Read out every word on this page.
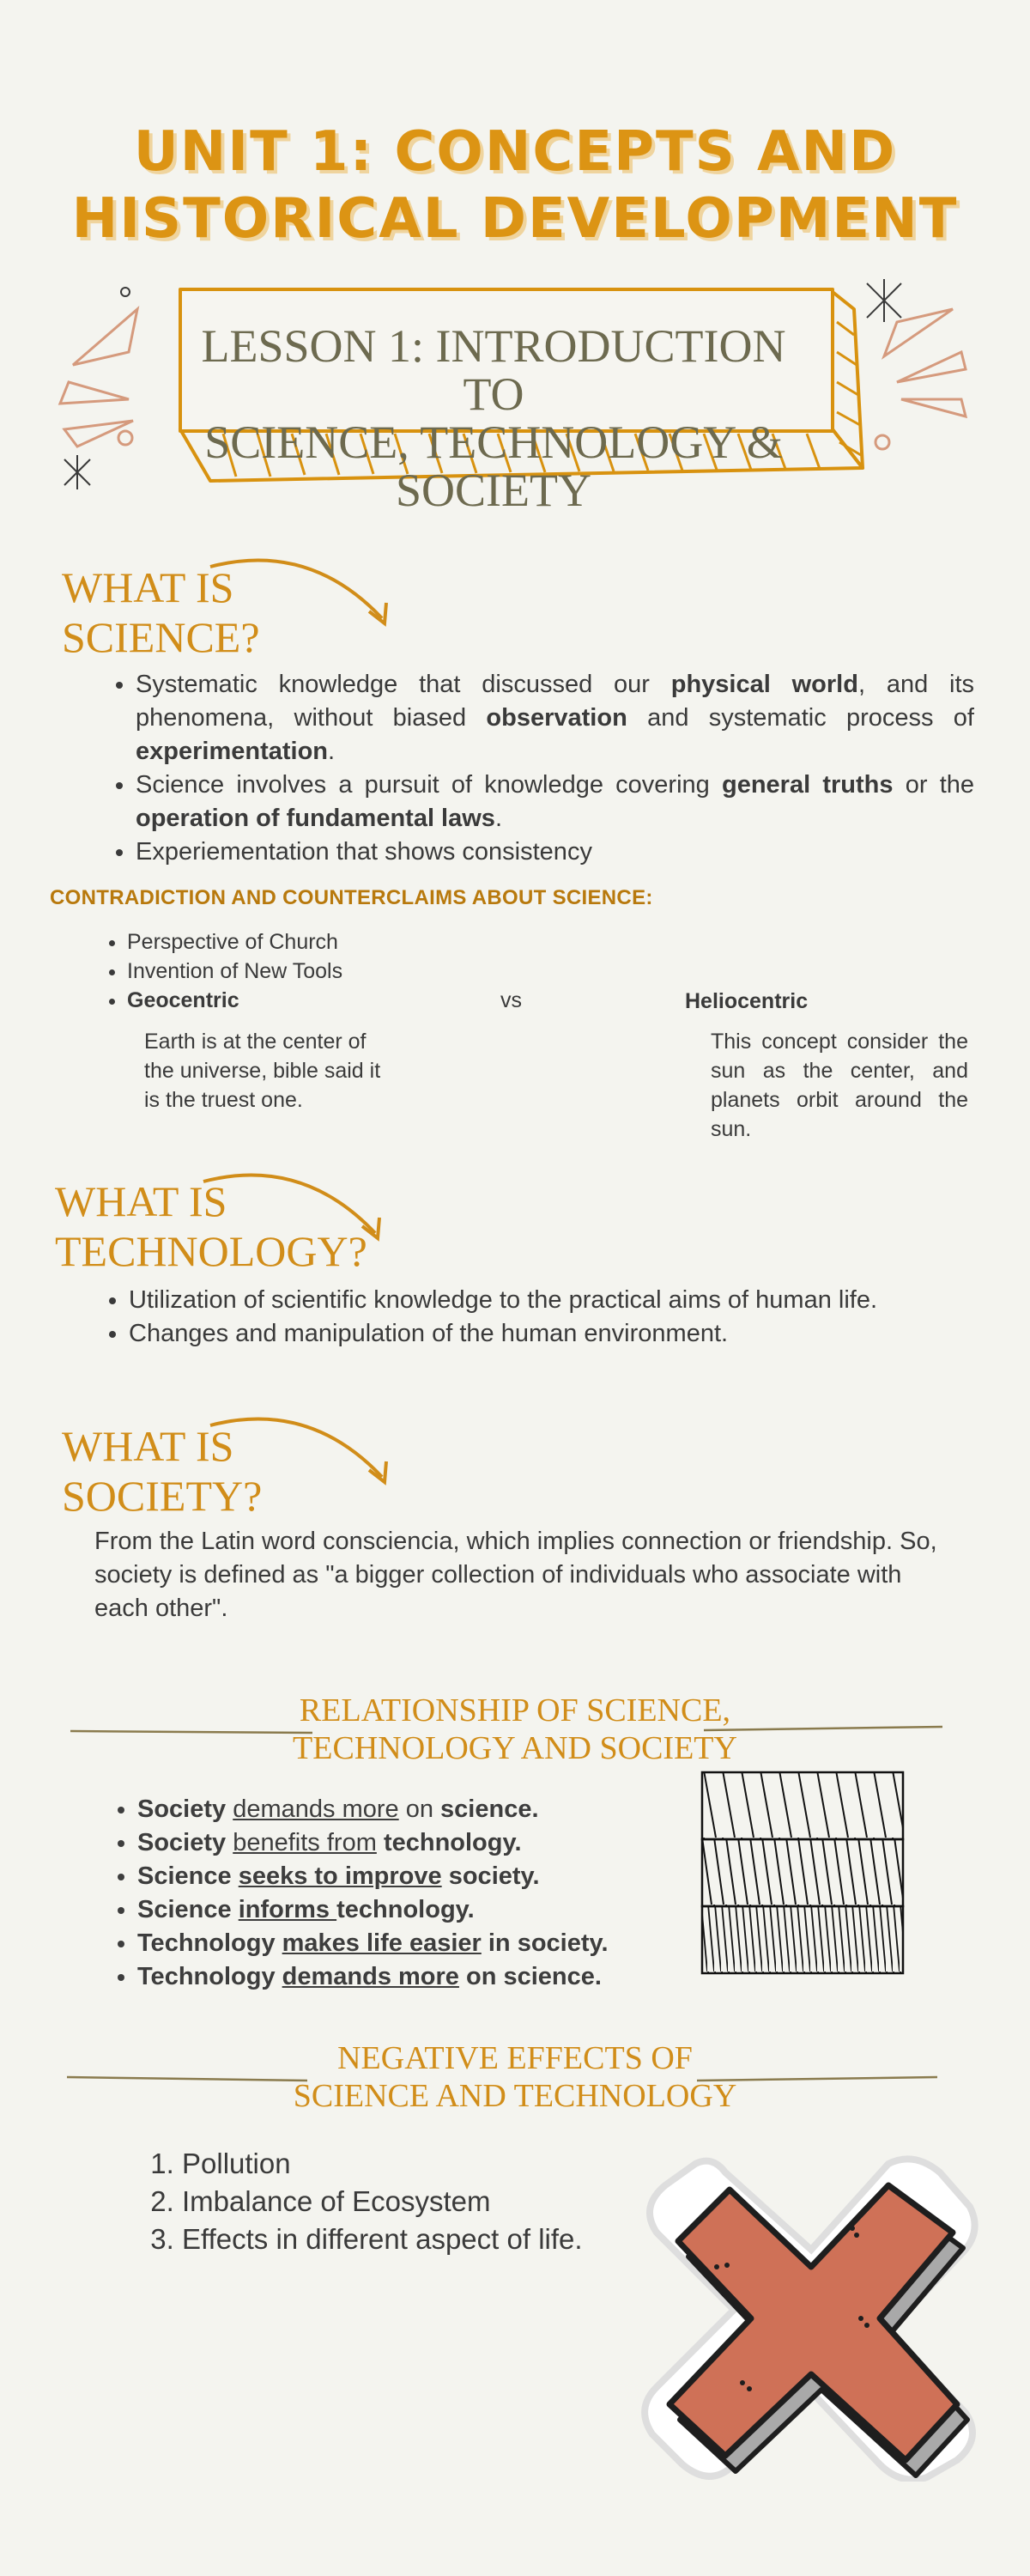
UNIT 1: CONCEPTS AND HISTORICAL DEVELOPMENT
LESSON 1: INTRODUCTION TO
SCIENCE, TECHNOLOGY & SOCIETY
WHAT IS
SCIENCE?
• Systematic knowledge that discussed our physical world, and its phenomena, without biased observation and systematic process of experimentation.
• Science involves a pursuit of knowledge covering general truths or the operation of fundamental laws.
• Experiementation that shows consistency
CONTRADICTION AND COUNTERCLAIMS ABOUT SCIENCE:
• Perspective of Church
• Invention of New Tools
• Geocentric	vs	Heliocentric
Earth is at the center of the universe, bible said it is the truest one.
This concept consider the sun as the center, and planets orbit around the sun.
WHAT IS
TECHNOLOGY?
• Utilization of scientific knowledge to the practical aims of human life.
• Changes and manipulation of the human environment.
WHAT IS
SOCIETY?
From the Latin word consciencia, which implies connection or friendship. So, society is defined as "a bigger collection of individuals who associate with each other".
RELATIONSHIP OF SCIENCE,
TECHNOLOGY AND SOCIETY
• Society demands more on science.
• Society benefits from technology.
• Science seeks to improve society.
• Science informs technology.
• Technology makes life easier in society.
• Technology demands more on science.
NEGATIVE EFFECTS OF
SCIENCE AND TECHNOLOGY
1. Pollution
2. Imbalance of Ecosystem
3. Effects in different aspect of life.
